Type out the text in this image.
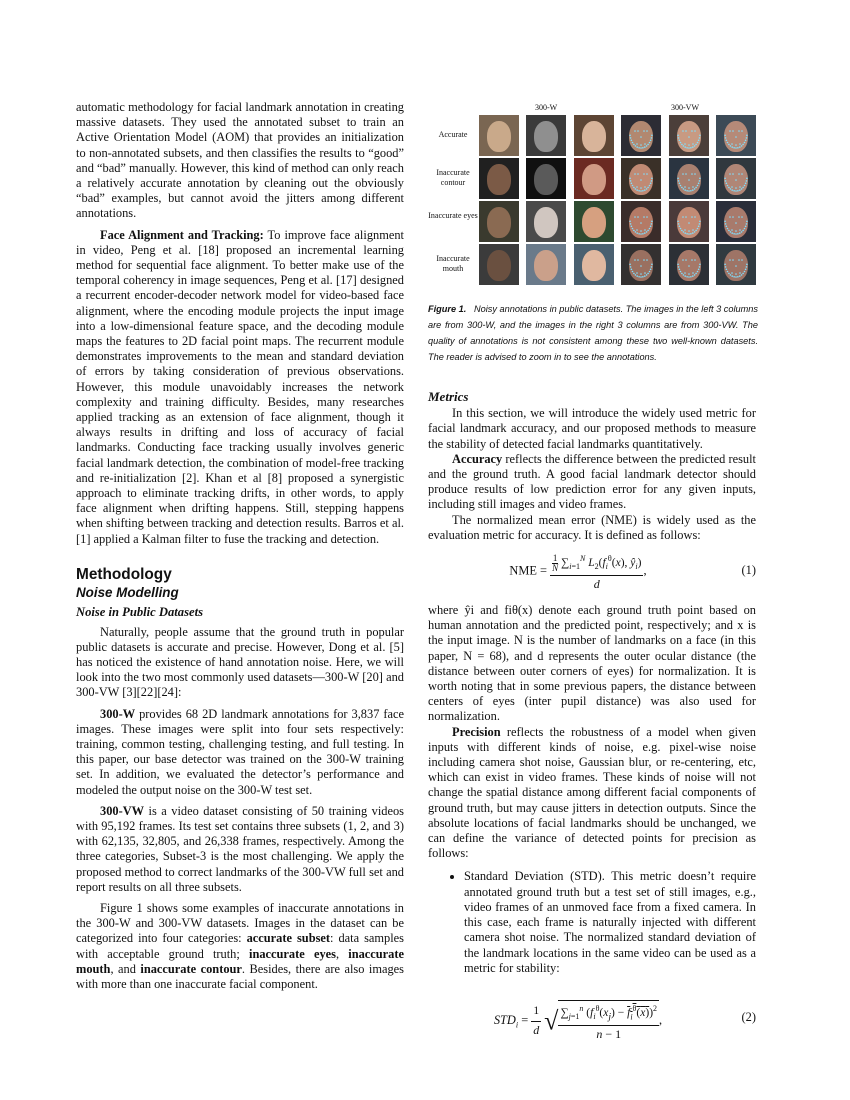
automatic methodology for facial landmark annotation in creating massive datasets. They used the annotated subset to train an Active Orientation Model (AOM) that provides an initialization to non-annotated subsets, and then classifies the results to “good” and “bad” manually. However, this kind of method can only reach a relatively accurate annotation by cleaning out the obviously “bad” examples, but cannot avoid the jitters among different annotations.

Face Alignment and Tracking: To improve face alignment in video, Peng et al. [18] proposed an incremental learning method for sequential face alignment. To better make use of the temporal coherency in image sequences, Peng et al. [17] designed a recurrent encoder-decoder network model for video-based face alignment, where the encoding module projects the input image into a low-dimensional feature space, and the decoding module maps the features to 2D facial point maps. The recurrent module demonstrates improvements to the mean and standard deviation of errors by taking consideration of previous observations. However, this module unavoidably increases the network complexity and training difficulty. Besides, many researches applied tracking as an extension of face alignment, though it always results in drifting and loss of accuracy of facial landmarks. Conducting face tracking usually involves generic facial landmark detection, the combination of model-free tracking and re-initialization [2]. Khan et al [8] proposed a synergistic approach to eliminate tracking drifts, in other words, to apply face alignment when drifting happens. Still, stepping happens when shifting between tracking and detection results. Barros et al. [1] applied a Kalman filter to fuse the tracking and detection.

Methodology
Noise Modelling
Noise in Public Datasets

Naturally, people assume that the ground truth in popular public datasets is accurate and precise. However, Dong et al. [5] has noticed the existence of hand annotation noise. Here, we will look into the two most commonly used datasets—300-W [20] and 300-VW [3][22][24]:

300-W provides 68 2D landmark annotations for 3,837 face images. These images were split into four sets respectively: training, common testing, challenging testing, and full testing. In this paper, our base detector was trained on the 300-W training set. In addition, we evaluated the detector’s performance and modeled the output noise on the 300-W test set.

300-VW is a video dataset consisting of 50 training videos with 95,192 frames. Its test set contains three subsets (1, 2, and 3) with 62,135, 32,805, and 26,338 frames, respectively. Among the three categories, Subset-3 is the most challenging. We apply the proposed method to correct landmarks of the 300-VW full set and report results on all three subsets.

Figure 1 shows some examples of inaccurate annotations in the 300-W and 300-VW datasets. Images in the dataset can be categorized into four categories: accurate subset: data samples with acceptable ground truth; inaccurate eyes, inaccurate mouth, and inaccurate contour. Besides, there are also images with more than one inaccurate facial component.

300-W	300-VW
Accurate
Inaccurate contour
Inaccurate eyes
Inaccurate mouth
Figure 1. Noisy annotations in public datasets. The images in the left 3 columns are from 300-W, and the images in the right 3 columns are from 300-VW. The quality of annotations is not consistent among these two well-known datasets. The reader is advised to zoom in to see the annotations.
Metrics

In this section, we will introduce the widely used metric for facial landmark accuracy, and our proposed methods to measure the stability of detected facial landmarks quantitatively.

Accuracy reflects the difference between the predicted result and the ground truth. A good facial landmark detector should produce results of low prediction error for any given inputs, including still images and video frames.

The normalized mean error (NME) is widely used as the evaluation metric for accuracy. It is defined as follows:

NME = $\frac{\frac{1}{N} \sum_{i=1}^N L_2(f_i^\theta(x), ŷ_i)}{d}$ ,	(1)

where ŷi and fiθ(x) denote each ground truth point based on human annotation and the predicted point, respectively; and x is the input image. N is the number of landmarks on a face (in this paper, N = 68), and d represents the outer ocular distance (the distance between outer corners of eyes) for normalization. It is worth noting that in some previous papers, the distance between centers of eyes (inter pupil distance) was also used for normalization.

Precision reflects the robustness of a model when given inputs with different kinds of noise, e.g. pixel-wise noise including camera shot noise, Gaussian blur, or re-centering, etc, which can exist in video frames. These kinds of noise will not change the spatial distance among different facial components of ground truth, but may cause jitters in detection outputs. Since the absolute locations of facial landmarks should be unchanged, we can define the variance of detected points for precision as follows:

• Standard Deviation (STD). This metric doesn’t require annotated ground truth but a test set of still images, e.g., video frames of an unmoved face from a fixed camera. In this case, each frame is naturally injected with different camera shot noise. The normalized standard deviation of the landmark locations in the same video can be used as a metric for stability:
$STD_i = \frac{1}{d}$ √ $\frac{\sum_{j=1}^n (f_i^\theta(x_j) - f_i^\theta(x))^2}{n - 1}$ ,	(2)
